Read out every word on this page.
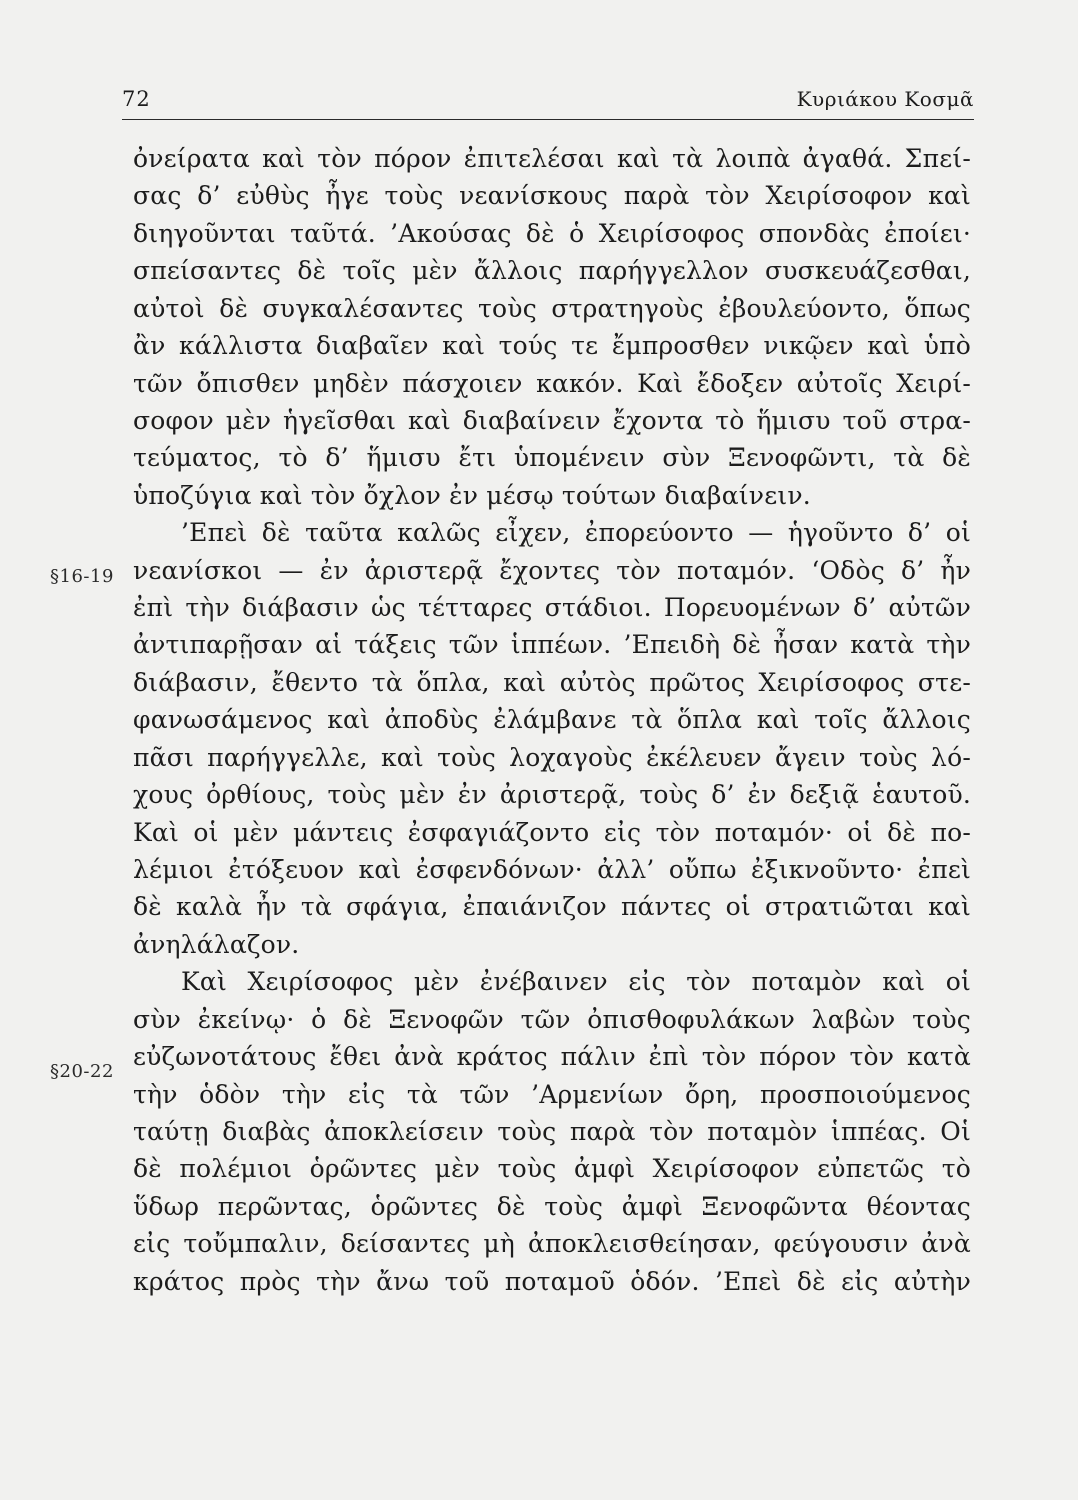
72	Κυριάκου Κοσμᾶ
§16-19
§20-22
ὀνείρατα καὶ τὸν πόρον ἐπιτελέσαι καὶ τὰ λοιπὰ ἀγαθά. Σπεί-
σας δ’ εὐθὺς ἦγε τοὺς νεανίσκους παρὰ τὸν Χειρίσοφον καὶ
διηγοῦνται ταῦτά. ’Ακούσας δὲ ὁ Χειρίσοφος σπονδὰς ἐποίει·
σπείσαντες δὲ τοῖς μὲν ἄλλοις παρήγγελλον συσκευάζεσθαι,
αὐτοὶ δὲ συγκαλέσαντες τοὺς στρατηγοὺς ἐβουλεύοντο, ὅπως
ἂν κάλλιστα διαβαῖεν καὶ τούς τε ἔμπροσθεν νικῷεν καὶ ὑπὸ
τῶν ὄπισθεν μηδὲν πάσχοιεν κακόν. Καὶ ἔδοξεν αὐτοῖς Χειρί-
σοφον μὲν ἡγεῖσθαι καὶ διαβαίνειν ἔχοντα τὸ ἥμισυ τοῦ στρα-
τεύματος, τὸ δ’ ἥμισυ ἔτι ὑπομένειν σὺν Ξενοφῶντι, τὰ δὲ
ὑποζύγια καὶ τὸν ὄχλον ἐν μέσῳ τούτων διαβαίνειν.
’Επεὶ δὲ ταῦτα καλῶς εἶχεν, ἐπορεύοντο — ἡγοῦντο δ’ οἱ
νεανίσκοι — ἐν ἀριστερᾷ ἔχοντες τὸν ποταμόν. ‘Οδὸς δ’ ἦν
ἐπὶ τὴν διάβασιν ὡς τέτταρες στάδιοι. Πορευομένων δ’ αὐτῶν
ἀντιπαρῇσαν αἱ τάξεις τῶν ἱππέων. ’Επειδὴ δὲ ἦσαν κατὰ τὴν
διάβασιν, ἔθεντο τὰ ὅπλα, καὶ αὐτὸς πρῶτος Χειρίσοφος στε-
φανωσάμενος καὶ ἀποδὺς ἐλάμβανε τὰ ὅπλα καὶ τοῖς ἄλλοις
πᾶσι παρήγγελλε, καὶ τοὺς λοχαγοὺς ἐκέλευεν ἄγειν τοὺς λό-
χους ὀρθίους, τοὺς μὲν ἐν ἀριστερᾷ, τοὺς δ’ ἐν δεξιᾷ ἑαυτοῦ.
Καὶ οἱ μὲν μάντεις ἐσφαγιάζοντο εἰς τὸν ποταμόν· οἱ δὲ πο-
λέμιοι ἐτόξευον καὶ ἐσφενδόνων· ἀλλ’ οὔπω ἐξικνοῦντο· ἐπεὶ
δὲ καλὰ ἦν τὰ σφάγια, ἐπαιάνιζον πάντες οἱ στρατιῶται καὶ
ἀνηλάλαζον.
Καὶ Χειρίσοφος μὲν ἐνέβαινεν εἰς τὸν ποταμὸν καὶ οἱ
σὺν ἐκείνῳ· ὁ δὲ Ξενοφῶν τῶν ὀπισθοφυλάκων λαβὼν τοὺς
εὐζωνοτάτους ἔθει ἀνὰ κράτος πάλιν ἐπὶ τὸν πόρον τὸν κατὰ
τὴν ὁδὸν τὴν εἰς τὰ τῶν ’Αρμενίων ὄρη, προσποιούμενος
ταύτῃ διαβὰς ἀποκλείσειν τοὺς παρὰ τὸν ποταμὸν ἱππέας. Οἱ
δὲ πολέμιοι ὁρῶντες μὲν τοὺς ἀμφὶ Χειρίσοφον εὐπετῶς τὸ
ὕδωρ περῶντας, ὁρῶντες δὲ τοὺς ἀμφὶ Ξενοφῶντα θέοντας
εἰς τοὔμπαλιν, δείσαντες μὴ ἀποκλεισθείησαν, φεύγουσιν ἀνὰ
κράτος πρὸς τὴν ἄνω τοῦ ποταμοῦ ὁδόν. ’Επεὶ δὲ εἰς αὐτὴν
